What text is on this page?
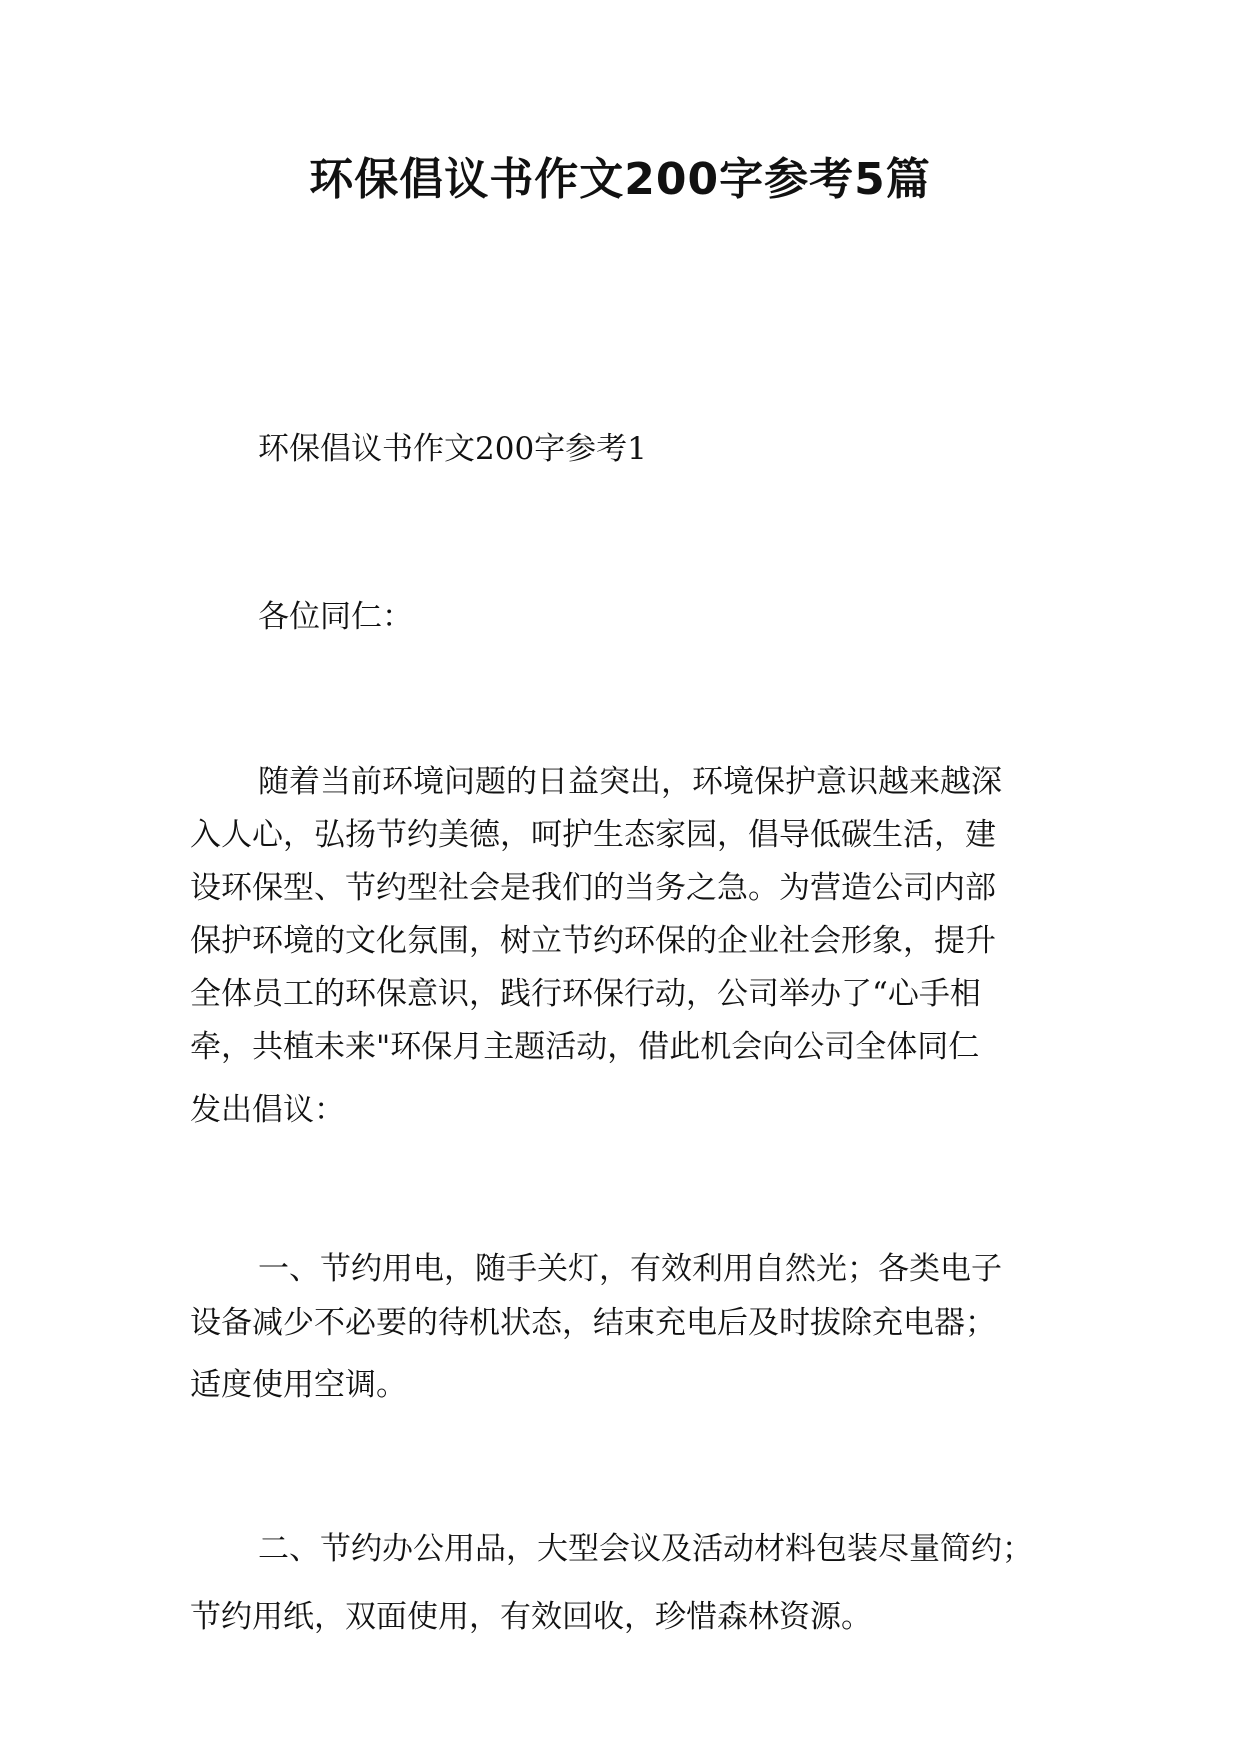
环保倡议书作文200字参考5篇

环保倡议书作文200字参考1

各位同仁：

随着当前环境问题的日益突出，环境保护意识越来越深
入人心，弘扬节约美德，呵护生态家园，倡导低碳生活，建
设环保型、节约型社会是我们的当务之急。为营造公司内部
保护环境的文化氛围，树立节约环保的企业社会形象，提升
全体员工的环保意识，践行环保行动，公司举办了“心手相
牵，共植未来"环保月主题活动，借此机会向公司全体同仁
发出倡议：
一、节约用电，随手关灯，有效利用自然光；各类电子
设备减少不必要的待机状态，结束充电后及时拔除充电器；
适度使用空调。
二、节约办公用品，大型会议及活动材料包装尽量简约；
节约用纸，双面使用，有效回收，珍惜森林资源。
